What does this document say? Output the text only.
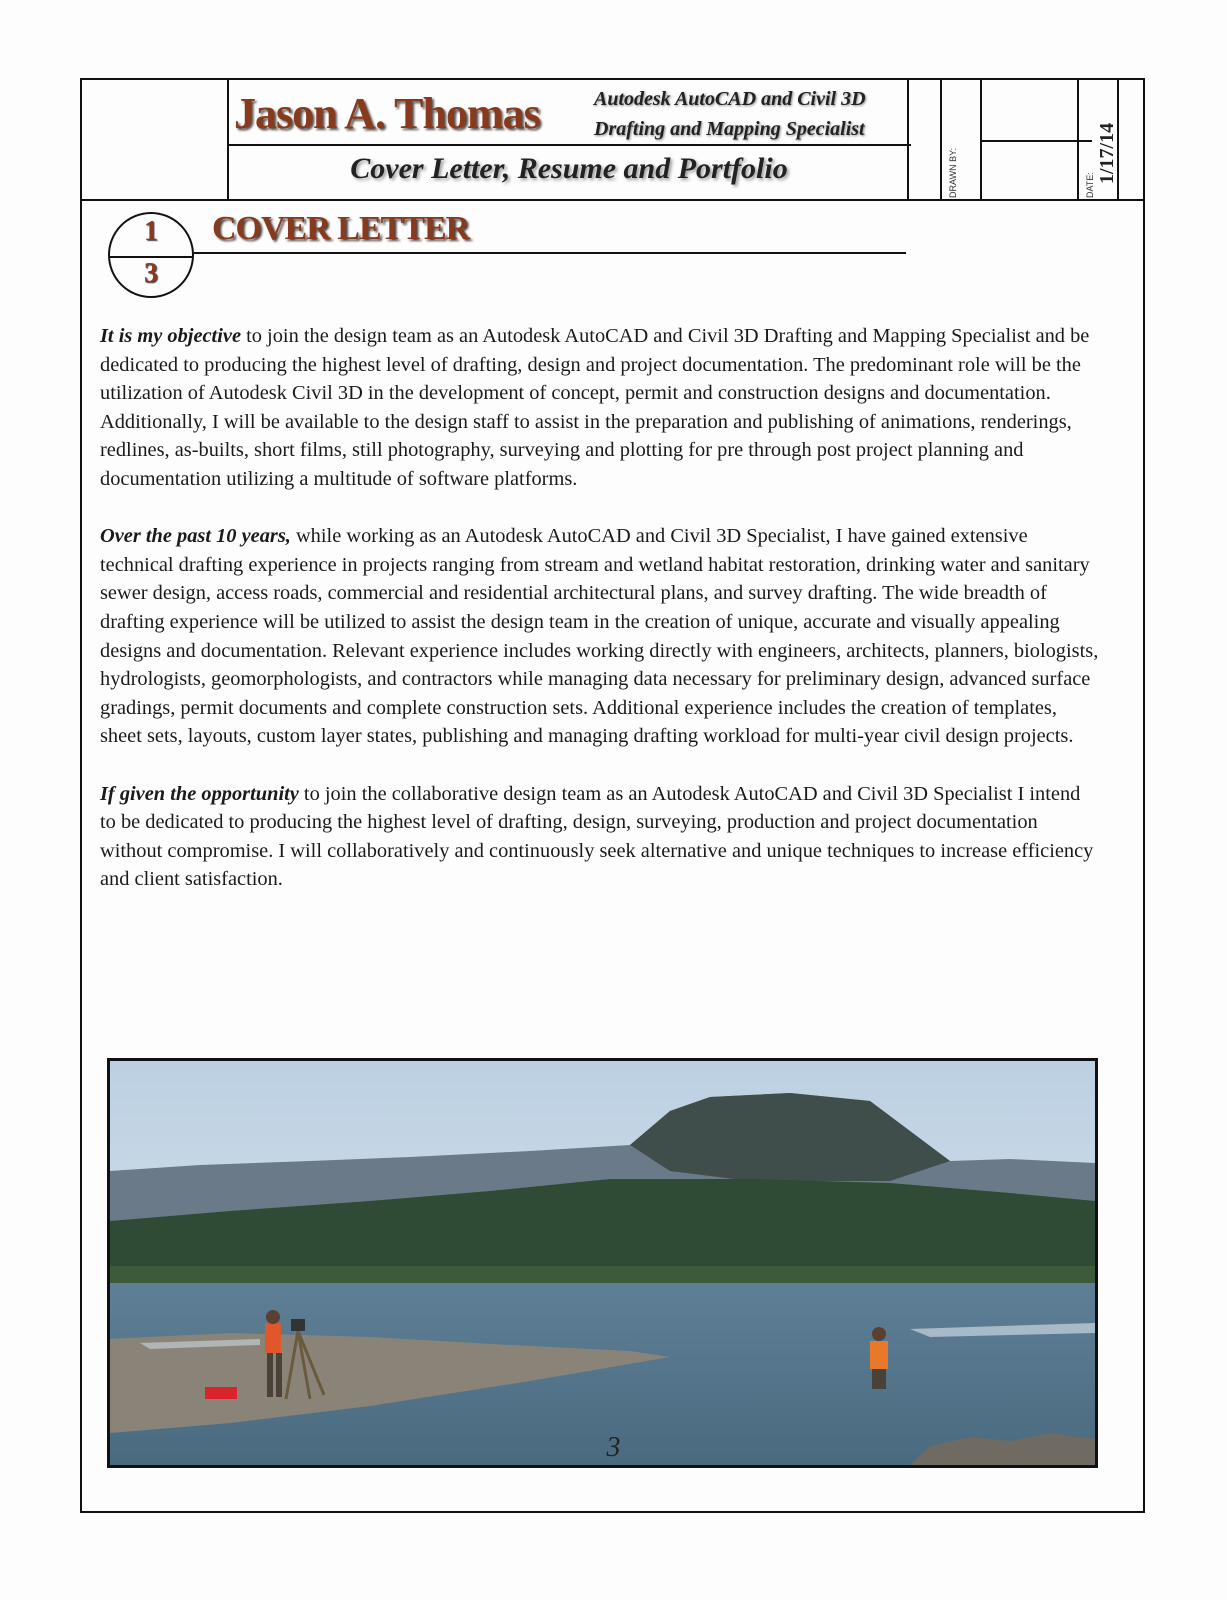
Jason A. Thomas	Autodesk AutoCAD and Civil 3D
Drafting and Mapping Specialist
Cover Letter, Resume and Portfolio	DRAWN BY:	DATE:
1/17/14
1
3
COVER LETTER

It is my objective to join the design team as an Autodesk AutoCAD and Civil 3D Drafting and Mapping Specialist and be dedicated to producing the highest level of drafting, design and project documentation. The predominant role will be the utilization of Autodesk Civil 3D in the development of concept, permit and construction designs and documentation. Additionally, I will be available to the design staff to assist in the preparation and publishing of animations, renderings, redlines, as-builts, short films, still photography, surveying and plotting for pre through post project planning and documentation utilizing a multitude of software platforms.

Over the past 10 years, while working as an Autodesk AutoCAD and Civil 3D Specialist, I have gained extensive technical drafting experience in projects ranging from stream and wetland habitat restoration, drinking water and sanitary sewer design, access roads, commercial and residential architectural plans, and survey drafting. The wide breadth of drafting experience will be utilized to assist the design team in the creation of unique, accurate and visually appealing designs and documentation. Relevant experience includes working directly with engineers, architects, planners, biologists, hydrologists, geomorphologists, and contractors while managing data necessary for preliminary design, advanced surface gradings, permit documents and complete construction sets. Additional experience includes the creation of templates, sheet sets, layouts, custom layer states, publishing and managing drafting workload for multi-year civil design projects.

If given the opportunity to join the collaborative design team as an Autodesk AutoCAD and Civil 3D Specialist I intend to be dedicated to producing the highest level of drafting, design, surveying, production and project documentation without compromise. I will collaboratively and continuously seek alternative and unique techniques to increase efficiency and client satisfaction.

3
